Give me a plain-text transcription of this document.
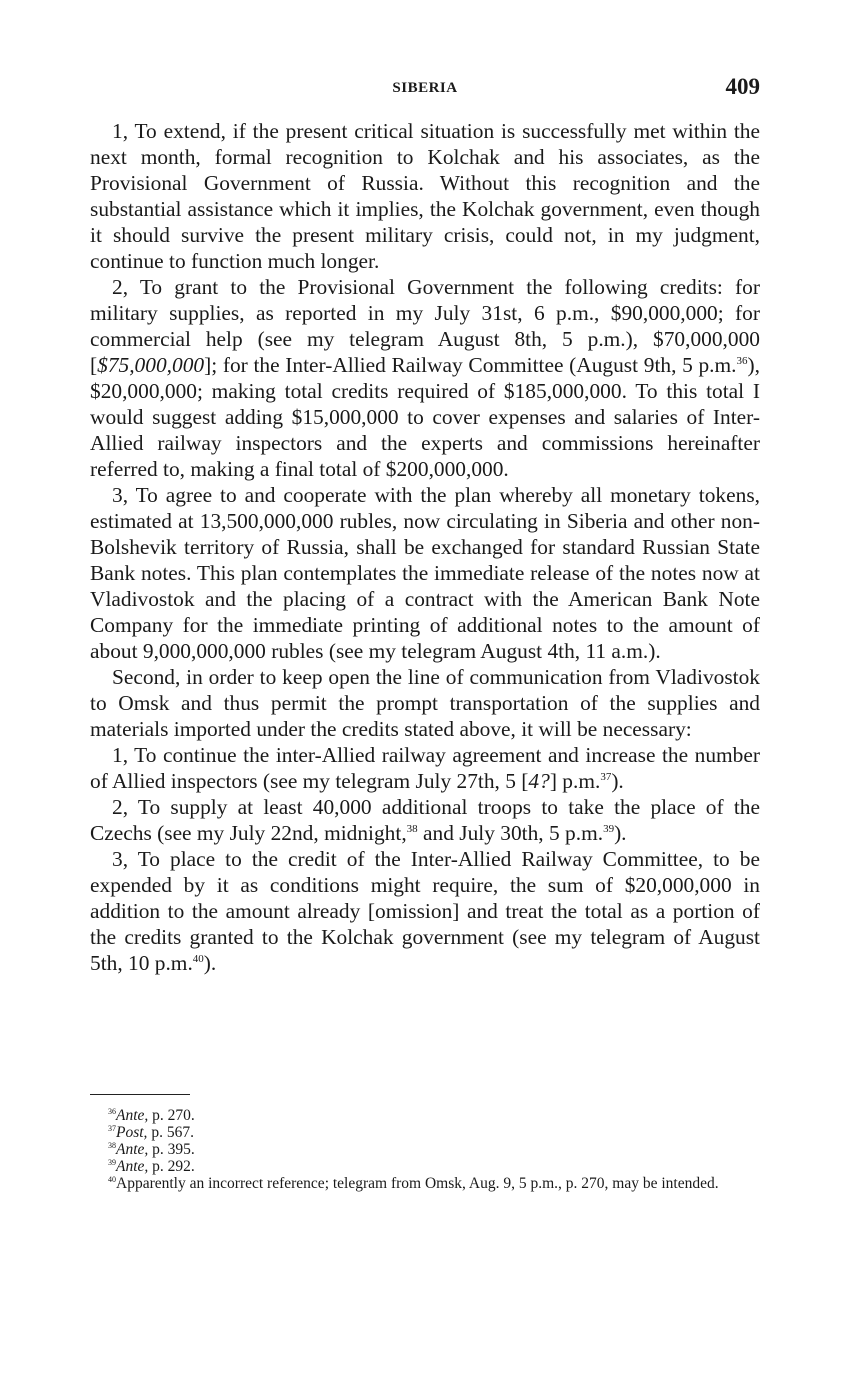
SIBERIA	409

1, To extend, if the present critical situation is successfully met within the next month, formal recognition to Kolchak and his associates, as the Provisional Government of Russia. Without this recognition and the substantial assistance which it implies, the Kolchak government, even though it should survive the present military crisis, could not, in my judgment, continue to function much longer.

2, To grant to the Provisional Government the following credits: for military supplies, as reported in my July 31st, 6 p.m., $90,000,000; for commercial help (see my telegram August 8th, 5 p.m.), $70,000,000 [$75,000,000]; for the Inter-Allied Railway Committee (August 9th, 5 p.m.$^{36}$), $20,000,000; making total credits required of $185,000,000. To this total I would suggest adding $15,000,000 to cover expenses and salaries of Inter-Allied railway inspectors and the experts and commissions hereinafter referred to, making a final total of $200,000,000.

3, To agree to and cooperate with the plan whereby all monetary tokens, estimated at 13,500,000,000 rubles, now circulating in Siberia and other non-Bolshevik territory of Russia, shall be exchanged for standard Russian State Bank notes. This plan contemplates the immediate release of the notes now at Vladivostok and the placing of a contract with the American Bank Note Company for the immediate printing of additional notes to the amount of about 9,000,000,000 rubles (see my telegram August 4th, 11 a.m.).

Second, in order to keep open the line of communication from Vladivostok to Omsk and thus permit the prompt transportation of the supplies and materials imported under the credits stated above, it will be necessary:

1, To continue the inter-Allied railway agreement and increase the number of Allied inspectors (see my telegram July 27th, 5 [4?] p.m.$^{37}$).

2, To supply at least 40,000 additional troops to take the place of the Czechs (see my July 22nd, midnight,$^{38}$ and July 30th, 5 p.m.$^{39}$).

3, To place to the credit of the Inter-Allied Railway Committee, to be expended by it as conditions might require, the sum of $20,000,000 in addition to the amount already [omission] and treat the total as a portion of the credits granted to the Kolchak government (see my telegram of August 5th, 10 p.m.$^{40}$).

$^{36}$Ante, p. 270.

$^{37}$Post, p. 567.

$^{38}$Ante, p. 395.

$^{39}$Ante, p. 292.

$^{40}$Apparently an incorrect reference; telegram from Omsk, Aug. 9, 5 p.m., p. 270, may be intended.
